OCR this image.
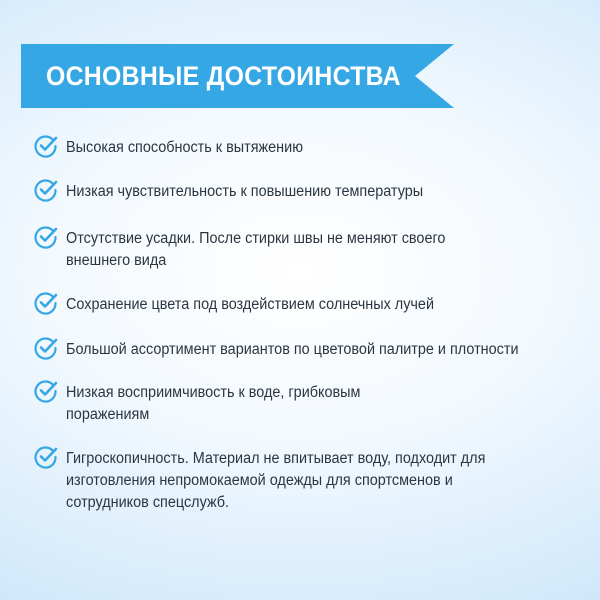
ОСНОВНЫЕ ДОСТОИНСТВА
Высокая способность к вытяжению
Низкая чувствительность к повышению температуры
Отсутствие усадки. После стирки швы не меняют своего внешнего вида
Сохранение цвета под воздействием солнечных лучей
Большой ассортимент вариантов по цветовой палитре и плотности
Низкая восприимчивость к воде, грибковым поражениям
Гигроскопичность. Материал не впитывает воду, подходит для изготовления непромокаемой одежды для спортсменов и сотрудников спецслужб.
